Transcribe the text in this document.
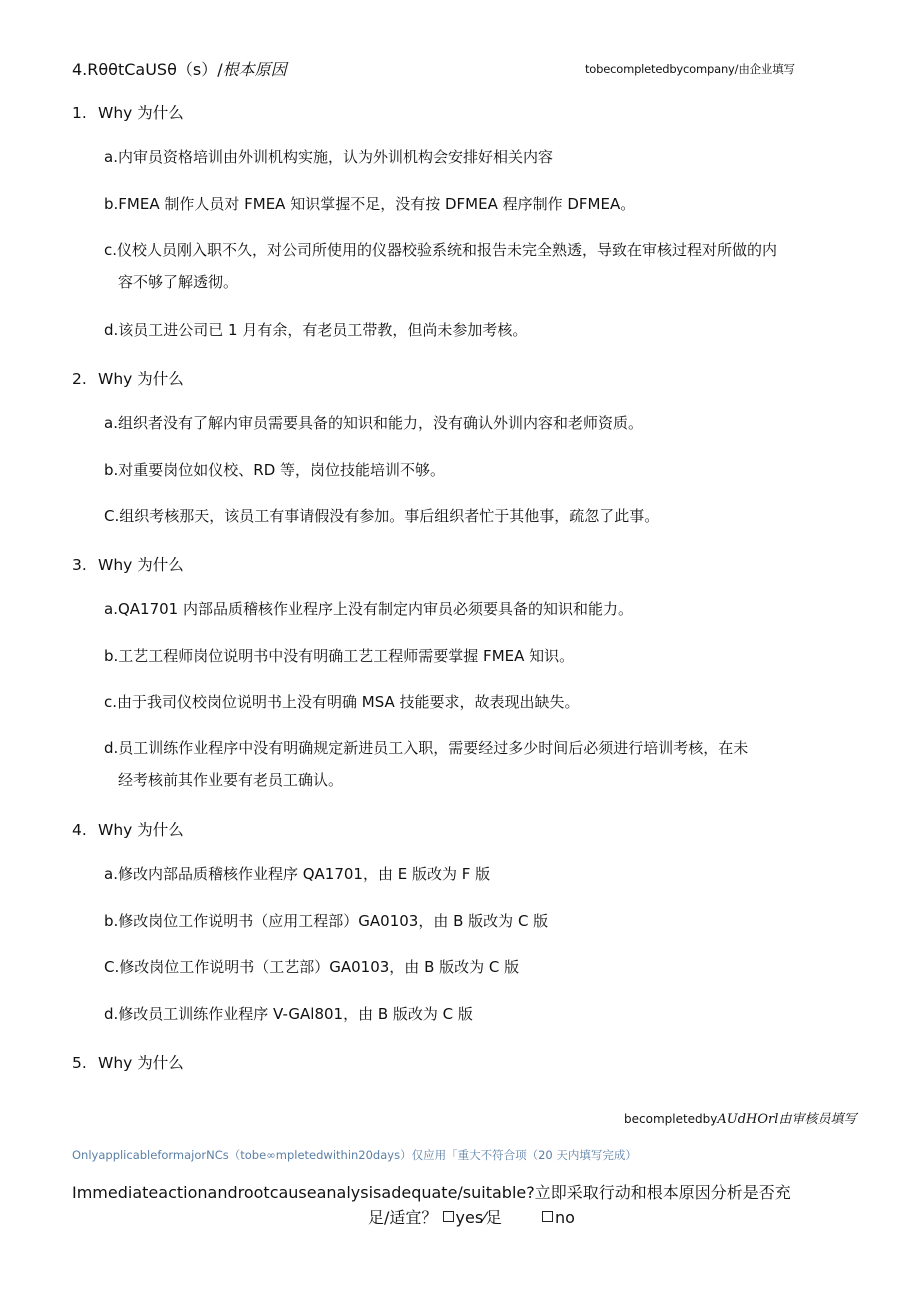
4.RθθtCaUSθ（s）/根本原因	tobecompletedbycompany/由企业填写
1. Why 为什么
a.内审员资格培训由外训机构实施，认为外训机构会安排好相关内容
b.FMEA 制作人员对 FMEA 知识掌握不足，没有按 DFMEA 程序制作 DFMEA。
c.仪校人员刚入职不久，对公司所使用的仪器校验系统和报告未完全熟透，导致在审核过程对所做的内
容不够了解透彻。
d.该员工进公司已 1 月有余，有老员工带教，但尚未参加考核。
2. Why 为什么
a.组织者没有了解内审员需要具备的知识和能力，没有确认外训内容和老师资质。
b.对重要岗位如仪校、RD 等，岗位技能培训不够。
C.组织考核那天，该员工有事请假没有参加。事后组织者忙于其他事，疏忽了此事。
3. Why 为什么
a.QA1701 内部品质稽核作业程序上没有制定内审员必须要具备的知识和能力。
b.工艺工程师岗位说明书中没有明确工艺工程师需要掌握 FMEA 知识。
c.由于我司仪校岗位说明书上没有明确 MSA 技能要求，故表现出缺失。
d.员工训练作业程序中没有明确规定新进员工入职，需要经过多少时间后必须进行培训考核，在未
经考核前其作业要有老员工确认。
4. Why 为什么
a.修改内部品质稽核作业程序 QA1701，由 E 版改为 F 版
b.修改岗位工作说明书（应用工程部）GA0103，由 B 版改为 C 版
C.修改岗位工作说明书（工艺部）GA0103，由 B 版改为 C 版
d.修改员工训练作业程序 V-GAl801，由 B 版改为 C 版
5. Why 为什么
becompletedbyAUdHOrl由审核员填写
OnlyapplicableformajorNCs（tobe∞mpletedwithin20days）仅应用「重大不符合项（20 天内填写完成）
Immediateactionandrootcauseanalysisadequate/suitable?立即采取行动和根本原因分析是否充
足/适宜？ yes⁄足	no
